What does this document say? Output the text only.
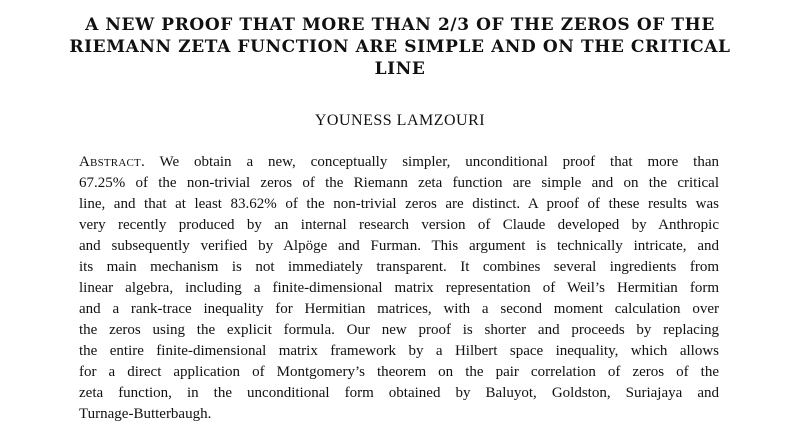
A NEW PROOF THAT MORE THAN 2/3 OF THE ZEROS OF THE
RIEMANN ZETA FUNCTION ARE SIMPLE AND ON THE CRITICAL
LINE
YOUNESS LAMZOURI
Abstract. We obtain a new, conceptually simpler, unconditional proof that more than
67.25% of the non-trivial zeros of the Riemann zeta function are simple and on the critical
line, and that at least 83.62% of the non-trivial zeros are distinct. A proof of these results was
very recently produced by an internal research version of Claude developed by Anthropic
and subsequently verified by Alpöge and Furman. This argument is technically intricate, and
its main mechanism is not immediately transparent. It combines several ingredients from
linear algebra, including a finite-dimensional matrix representation of Weil’s Hermitian form
and a rank-trace inequality for Hermitian matrices, with a second moment calculation over
the zeros using the explicit formula. Our new proof is shorter and proceeds by replacing
the entire finite-dimensional matrix framework by a Hilbert space inequality, which allows
for a direct application of Montgomery’s theorem on the pair correlation of zeros of the
zeta function, in the unconditional form obtained by Baluyot, Goldston, Suriajaya and
Turnage-Butterbaugh.
